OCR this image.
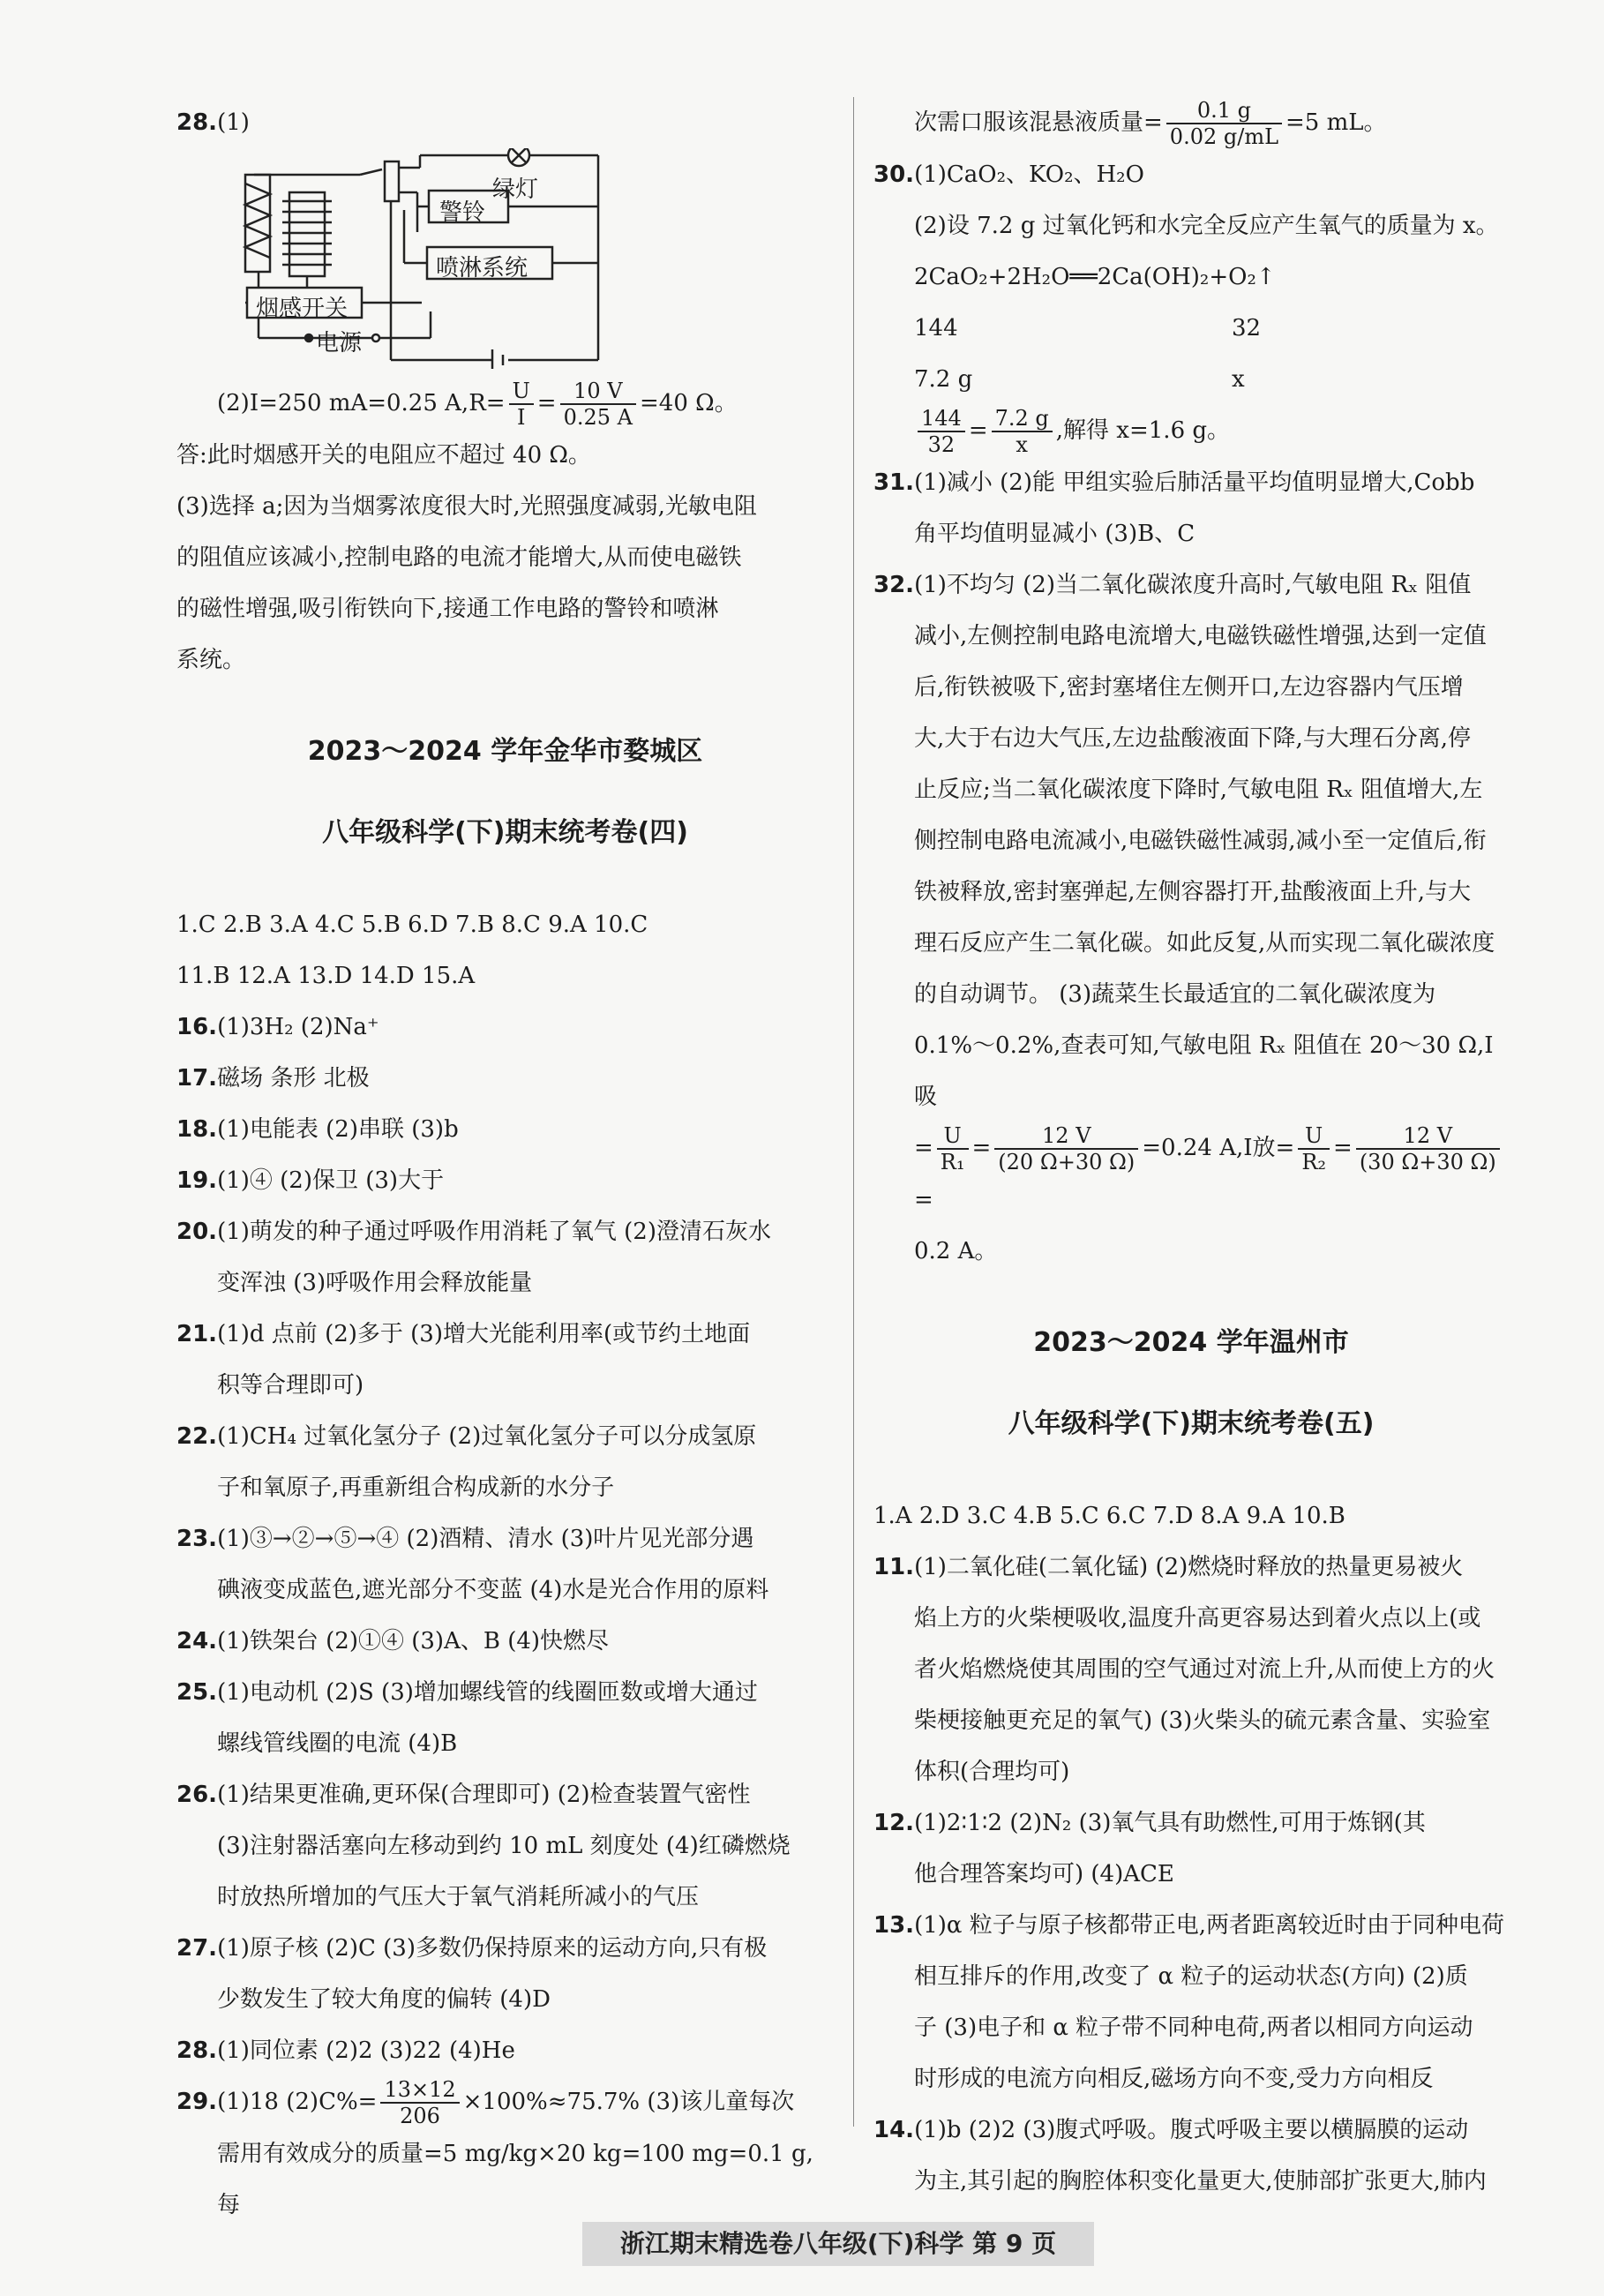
28.(1)

绿灯
警铃
喷淋系统
烟感开关
电源

(2)I=250 mA=0.25 $A,R= \frac{U}{I} = \frac{10 V}{0.25 A} =40$ Ω。

答:此时烟感开关的电阻应不超过 40 Ω。

(3)选择 a;因为当烟雾浓度很大时,光照强度减弱,光敏电阻

的阻值应该减小,控制电路的电流才能增大,从而使电磁铁

的磁性增强,吸引衔铁向下,接通工作电路的警铃和喷淋

系统。

2023～2024 学年金华市婺城区

八年级科学(下)期末统考卷(四)

1.C 2.B 3.A 4.C 5.B 6.D 7.B 8.C 9.A 10.C

11.B 12.A 13.D 14.D 15.A

16.(1)3H₂ (2)Na⁺

17.磁场 条形 北极

18.(1)电能表 (2)串联 (3)b

19.(1)④ (2)保卫 (3)大于

20.(1)萌发的种子通过呼吸作用消耗了氧气 (2)澄清石灰水

变浑浊 (3)呼吸作用会释放能量

21.(1)d 点前 (2)多于 (3)增大光能利用率(或节约土地面

积等合理即可)

22.(1)CH₄ 过氧化氢分子 (2)过氧化氢分子可以分成氢原

子和氧原子,再重新组合构成新的水分子

23.(1)③→②→⑤→④ (2)酒精、清水 (3)叶片见光部分遇

碘液变成蓝色,遮光部分不变蓝 (4)水是光合作用的原料

24.(1)铁架台 (2)①④ (3)A、B (4)快燃尽

25.(1)电动机 (2)S (3)增加螺线管的线圈匝数或增大通过

螺线管线圈的电流 (4)B

26.(1)结果更准确,更环保(合理即可) (2)检查装置气密性

(3)注射器活塞向左移动到约 10 mL 刻度处 (4)红磷燃烧

时放热所增加的气压大于氧气消耗所减小的气压

27.(1)原子核 (2)C (3)多数仍保持原来的运动方向,只有极

少数发生了较大角度的偏转 (4)D

28.(1)同位素 (2)2 (3)22 (4)He

29.(1)18 $(2)C\%= \frac{13\times 12}{206} \times 100\%\approx 75.7\%$ (3)该儿童每次

需用有效成分的质量=5 mg/kg×20 kg=100 mg=0.1 g,每

次需口服该混悬液质量= $\frac{0.1 g}{0.02 g/mL} =5$ mL。

30.(1)CaO₂、KO₂、H₂O

(2)设 7.2 g 过氧化钙和水完全反应产生氧气的质量为 x。

2CaO₂+2H₂O══2Ca(OH)₂+O₂↑

144	32
7.2 g	x

$\frac{144}{32} = \frac{7.2 g}{x}$ ,解得 x=1.6 g。

31.(1)减小 (2)能 甲组实验后肺活量平均值明显增大,Cobb

角平均值明显减小 (3)B、C

32.(1)不均匀 (2)当二氧化碳浓度升高时,气敏电阻 Rₓ 阻值

减小,左侧控制电路电流增大,电磁铁磁性增强,达到一定值

后,衔铁被吸下,密封塞堵住左侧开口,左边容器内气压增

大,大于右边大气压,左边盐酸液面下降,与大理石分离,停

止反应;当二氧化碳浓度下降时,气敏电阻 Rₓ 阻值增大,左

侧控制电路电流减小,电磁铁磁性减弱,减小至一定值后,衔

铁被释放,密封塞弹起,左侧容器打开,盐酸液面上升,与大

理石反应产生二氧化碳。如此反复,从而实现二氧化碳浓度

的自动调节。 (3)蔬菜生长最适宜的二氧化碳浓度为

0.1%～0.2%,查表可知,气敏电阻 Rₓ 阻值在 20～30 Ω,I吸

= $\frac{U}{\text{R₁}} = \frac{12 V}{(20 \Omega+30 \Omega)} =0.24$ A,I放= $\frac{U}{\text{R₂}} = \frac{12 V}{(30 \Omega+30 \Omega)}$
=

0.2 A。

2023～2024 学年温州市

八年级科学(下)期末统考卷(五)

1.A 2.D 3.C 4.B 5.C 6.C 7.D 8.A 9.A 10.B

11.(1)二氧化硅(二氧化锰) (2)燃烧时释放的热量更易被火

焰上方的火柴梗吸收,温度升高更容易达到着火点以上(或

者火焰燃烧使其周围的空气通过对流上升,从而使上方的火

柴梗接触更充足的氧气) (3)火柴头的硫元素含量、实验室

体积(合理均可)

12.(1)2∶1∶2 (2)N₂ (3)氧气具有助燃性,可用于炼钢(其

他合理答案均可) (4)ACE

13.(1)α 粒子与原子核都带正电,两者距离较近时由于同种电荷

相互排斥的作用,改变了 α 粒子的运动状态(方向) (2)质

子 (3)电子和 α 粒子带不同种电荷,两者以相同方向运动

时形成的电流方向相反,磁场方向不变,受力方向相反

14.(1)b (2)2 (3)腹式呼吸。腹式呼吸主要以横膈膜的运动

为主,其引起的胸腔体积变化量更大,使肺部扩张更大,肺内

浙江期末精选卷八年级(下)科学 第 9 页
